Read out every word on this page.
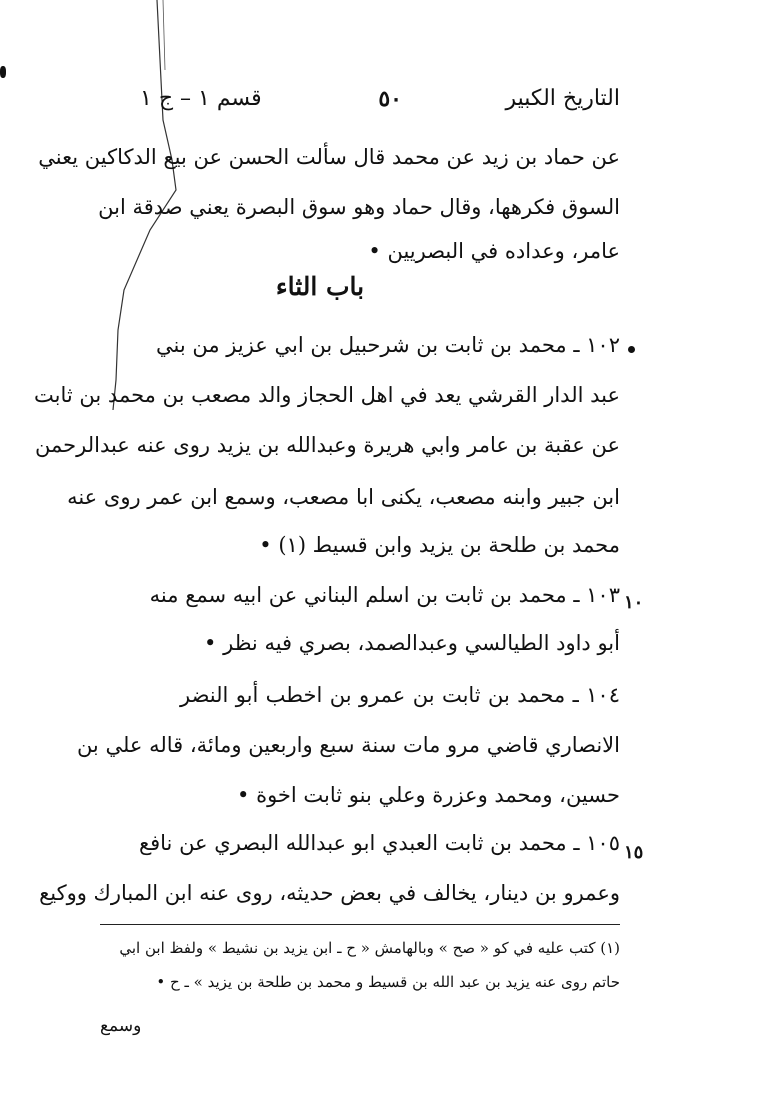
التاريخ الكبير
٥٠
قسم ١ – ج ١
عن حماد بن زيد عن محمد قال سألت الحسن عن بيع الدكاكين يعني
السوق فكرهها، وقال حماد وهو سوق البصرة يعني صدقة ابن
عامر، وعداده في البصريين •
باب الثاء
١٠٢ ـ محمد بن ثابت بن شرحبيل بن ابي عزيز من بني
عبد الدار القرشي يعد في اهل الحجاز والد مصعب بن محمد بن ثابت
عن عقبة بن عامر وابي هريرة وعبدالله بن يزيد روى عنه عبدالرحمن
ابن جبير وابنه مصعب، يكنى ابا مصعب، وسمع ابن عمر روى عنه
محمد بن طلحة بن يزيد وابن قسيط (١) •
١٠
١٠٣ ـ محمد بن ثابت بن اسلم البناني عن ابيه سمع منه
أبو داود الطيالسي وعبدالصمد، بصري فيه نظر •
١٠٤ ـ محمد بن ثابت بن عمرو بن اخطب أبو النضر
الانصاري قاضي مرو مات سنة سبع واربعين ومائة، قاله علي بن
حسين، ومحمد وعزرة وعلي بنو ثابت اخوة •
١٥
١٠٥ ـ محمد بن ثابت العبدي ابو عبدالله البصري عن نافع
وعمرو بن دينار، يخالف في بعض حديثه، روى عنه ابن المبارك ووكيع
(١) كتب عليه في كو « صح » وبالهامش « ح ـ ابن يزيد بن نشيط » ولفظ ابن ابي
حاتم روى عنه يزيد بن عبد الله بن قسيط و محمد بن طلحة بن يزيد » ـ ح •
وسمع
